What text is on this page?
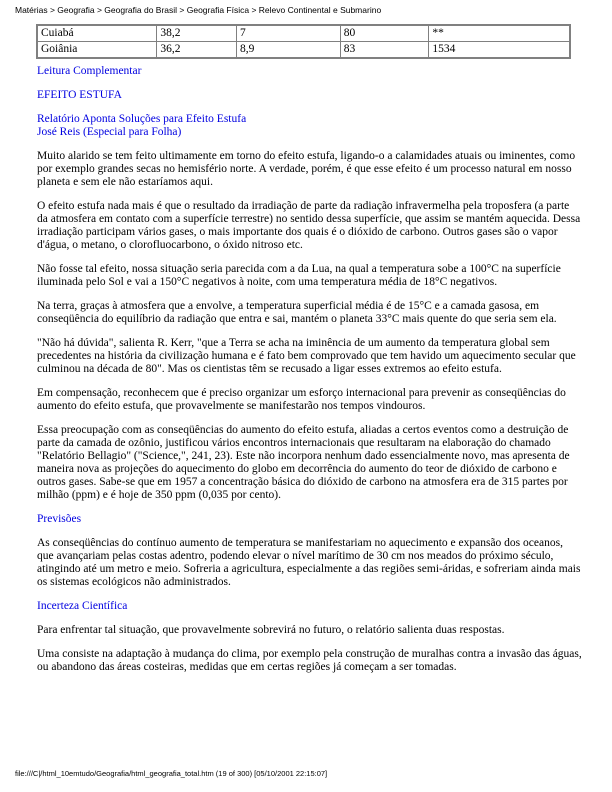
Matérias > Geografia > Geografia do Brasil > Geografia Física > Relevo Continental e Submarino
Cuiabá	38,2	7	80	**
Goiânia	36,2	8,9	83	1534

Leitura Complementar

EFEITO ESTUFA

Relatório Aponta Soluções para Efeito Estufa
José Reis (Especial para Folha)

Muito alarido se tem feito ultimamente em torno do efeito estufa, ligando-o a calamidades atuais ou iminentes, como por exemplo grandes secas no hemisfério norte. A verdade, porém, é que esse efeito é um processo natural em nosso planeta e sem ele não estaríamos aqui.

O efeito estufa nada mais é que o resultado da irradiação de parte da radiação infravermelha pela troposfera (a parte da atmosfera em contato com a superfície terrestre) no sentido dessa superfície, que assim se mantém aquecida. Dessa irradiação participam vários gases, o mais importante dos quais é o dióxido de carbono. Outros gases são o vapor d'água, o metano, o clorofluocarbono, o óxido nitroso etc.

Não fosse tal efeito, nossa situação seria parecida com a da Lua, na qual a temperatura sobe a 100°C na superfície iluminada pelo Sol e vai a 150°C negativos à noite, com uma temperatura média de 18°C negativos.

Na terra, graças à atmosfera que a envolve, a temperatura superficial média é de 15°C e a camada gasosa, em conseqüência do equilíbrio da radiação que entra e sai, mantém o planeta 33°C mais quente do que seria sem ela.

"Não há dúvida", salienta R. Kerr, "que a Terra se acha na iminência de um aumento da temperatura global sem precedentes na história da civilização humana e é fato bem comprovado que tem havido um aquecimento secular que culminou na década de 80". Mas os cientistas têm se recusado a ligar esses extremos ao efeito estufa.

Em compensação, reconhecem que é preciso organizar um esforço internacional para prevenir as conseqüências do aumento do efeito estufa, que provavelmente se manifestarão nos tempos vindouros.

Essa preocupação com as conseqüências do aumento do efeito estufa, aliadas a certos eventos como a destruição de parte da camada de ozônio, justificou vários encontros internacionais que resultaram na elaboração do chamado "Relatório Bellagio" ("Science,", 241, 23). Este não incorpora nenhum dado essencialmente novo, mas apresenta de maneira nova as projeções do aquecimento do globo em decorrência do aumento do teor de dióxido de carbono e outros gases. Sabe-se que em 1957 a concentração básica do dióxido de carbono na atmosfera era de 315 partes por milhão (ppm) e é hoje de 350 ppm (0,035 por cento).

Previsões

As conseqüências do contínuo aumento de temperatura se manifestariam no aquecimento e expansão dos oceanos, que avançariam pelas costas adentro, podendo elevar o nível marítimo de 30 cm nos meados do próximo século, atingindo até um metro e meio. Sofreria a agricultura, especialmente a das regiões semi-áridas, e sofreriam ainda mais os sistemas ecológicos não administrados.

Incerteza Científica

Para enfrentar tal situação, que provavelmente sobrevirá no futuro, o relatório salienta duas respostas.

Uma consiste na adaptação à mudança do clima, por exemplo pela construção de muralhas contra a invasão das águas, ou abandono das áreas costeiras, medidas que em certas regiões já começam a ser tomadas.

file:///C|/html_10emtudo/Geografia/html_geografia_total.htm (19 of 300) [05/10/2001 22:15:07]
